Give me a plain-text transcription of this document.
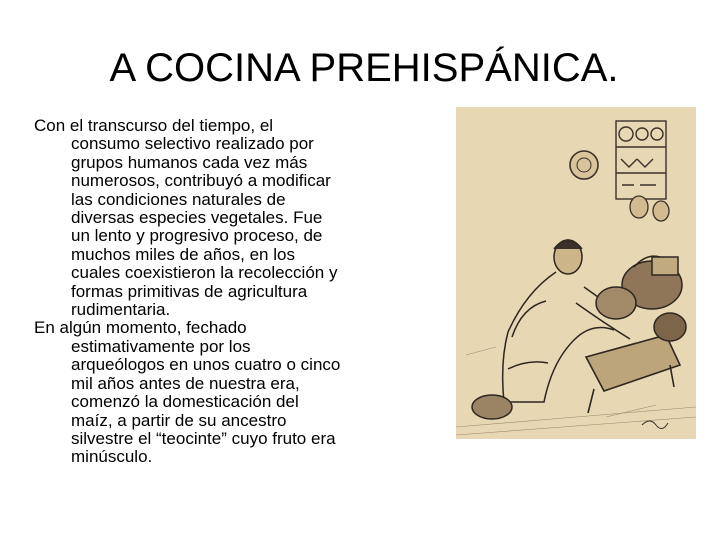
A COCINA PREHISPÁNICA.

Con el transcurso del tiempo, el consumo selectivo realizado por grupos humanos cada vez más numerosos, contribuyó a modificar las condiciones naturales de diversas especies vegetales. Fue un lento y progresivo proceso, de muchos miles de años, en los cuales coexistieron la recolección y formas primitivas de agricultura rudimentaria.

En algún momento, fechado estimativamente por los arqueólogos en unos cuatro o cinco mil años antes de nuestra era, comenzó la domesticación del maíz, a partir de su ancestro silvestre el “teocinte” cuyo fruto era minúsculo.
